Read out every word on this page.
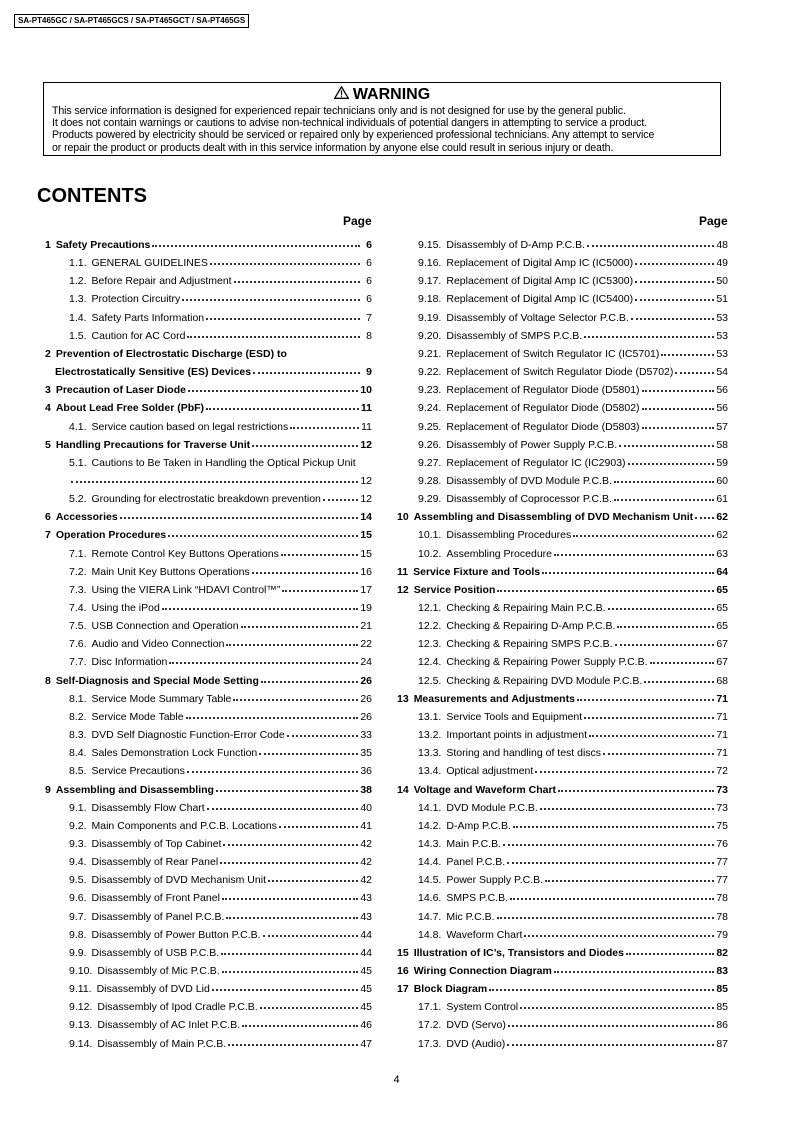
SA-PT465GC / SA-PT465GCS / SA-PT465GCT / SA-PT465GS
WARNING
This service information is designed for experienced repair technicians only and is not designed for use by the general public.
It does not contain warnings or cautions to advise non-technical individuals of potential dangers in attempting to service a product.
Products powered by electricity should be serviced or repaired only by experienced professional technicians. Any attempt to service
or repair the product or products dealt with in this service information by anyone else could result in serious injury or death.
CONTENTS
Page	Page
1 Safety Precautions	6
1.1. GENERAL GUIDELINES	6
1.2. Before Repair and Adjustment	6
1.3. Protection Circuitry	6
1.4. Safety Parts Information	7
1.5. Caution for AC Cord	8
2 Prevention of Electrostatic Discharge (ESD) to
Electrostatically Sensitive (ES) Devices	9
3 Precaution of Laser Diode	10
4 About Lead Free Solder (PbF)	11
4.1. Service caution based on legal restrictions	11
5 Handling Precautions for Traverse Unit	12
5.1. Cautions to Be Taken in Handling the Optical Pickup Unit
12
5.2. Grounding for electrostatic breakdown prevention	12
6 Accessories	14
7 Operation Procedures	15
7.1. Remote Control Key Buttons Operations	15
7.2. Main Unit Key Buttons Operations	16
7.3. Using the VIERA Link “HDAVI Control™”	17
7.4. Using the iPod	19
7.5. USB Connection and Operation	21
7.6. Audio and Video Connection	22
7.7. Disc Information	24
8 Self-Diagnosis and Special Mode Setting	26
8.1. Service Mode Summary Table	26
8.2. Service Mode Table	26
8.3. DVD Self Diagnostic Function-Error Code	33
8.4. Sales Demonstration Lock Function	35
8.5. Service Precautions	36
9 Assembling and Disassembling	38
9.1. Disassembly Flow Chart	40
9.2. Main Components and P.C.B. Locations	41
9.3. Disassembly of Top Cabinet	42
9.4. Disassembly of Rear Panel	42
9.5. Disassembly of DVD Mechanism Unit	42
9.6. Disassembly of Front Panel	43
9.7. Disassembly of Panel P.C.B.	43
9.8. Disassembly of Power Button P.C.B.	44
9.9. Disassembly of USB P.C.B.	44
9.10. Disassembly of Mic P.C.B.	45
9.11. Disassembly of DVD Lid	45
9.12. Disassembly of Ipod Cradle P.C.B.	45
9.13. Disassembly of AC Inlet P.C.B.	46
9.14. Disassembly of Main P.C.B.	47
9.15. Disassembly of D-Amp P.C.B.	48
9.16. Replacement of Digital Amp IC (IC5000)	49
9.17. Replacement of Digital Amp IC (IC5300)	50
9.18. Replacement of Digital Amp IC (IC5400)	51
9.19. Disassembly of Voltage Selector P.C.B.	53
9.20. Disassembly of SMPS P.C.B.	53
9.21. Replacement of Switch Regulator IC (IC5701)	53
9.22. Replacement of Switch Regulator Diode (D5702)	54
9.23. Replacement of Regulator Diode (D5801)	56
9.24. Replacement of Regulator Diode (D5802)	56
9.25. Replacement of Regulator Diode (D5803)	57
9.26. Disassembly of Power Supply P.C.B.	58
9.27. Replacement of Regulator IC (IC2903)	59
9.28. Disassembly of DVD Module P.C.B.	60
9.29. Disassembly of Coprocessor P.C.B.	61
10 Assembling and Disassembling of DVD Mechanism Unit 62
10.1. Disassembling Procedures	62
10.2. Assembling Procedure	63
11 Service Fixture and Tools	64
12 Service Position	65
12.1. Checking & Repairing Main P.C.B.	65
12.2. Checking & Repairing D-Amp P.C.B.	65
12.3. Checking & Repairing SMPS P.C.B.	67
12.4. Checking & Repairing Power Supply P.C.B.	67
12.5. Checking & Repairing DVD Module P.C.B.	68
13 Measurements and Adjustments	71
13.1. Service Tools and Equipment	71
13.2. Important points in adjustment	71
13.3. Storing and handling of test discs	71
13.4. Optical adjustment	72
14 Voltage and Waveform Chart	73
14.1. DVD Module P.C.B.	73
14.2. D-Amp P.C.B.	75
14.3. Main P.C.B.	76
14.4. Panel P.C.B.	77
14.5. Power Supply P.C.B.	77
14.6. SMPS P.C.B.	78
14.7. Mic P.C.B.	78
14.8. Waveform Chart	79
15 Illustration of IC’s, Transistors and Diodes	82
16 Wiring Connection Diagram	83
17 Block Diagram	85
17.1. System Control	85
17.2. DVD (Servo)	86
17.3. DVD (Audio)	87
4
